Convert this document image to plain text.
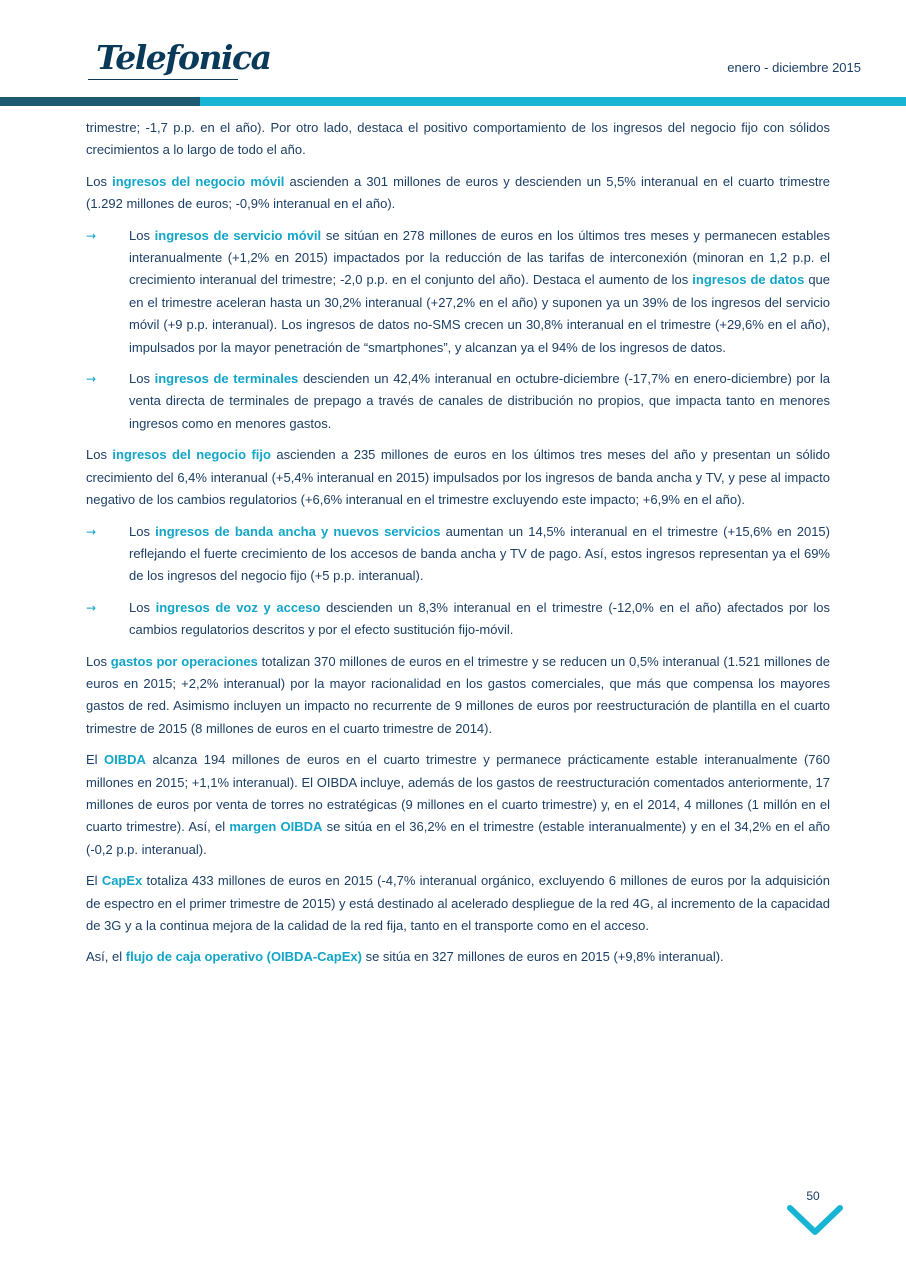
Telefonica	enero - diciembre 2015

trimestre; -1,7 p.p. en el año). Por otro lado, destaca el positivo comportamiento de los ingresos del negocio fijo con sólidos crecimientos a lo largo de todo el año.

Los ingresos del negocio móvil ascienden a 301 millones de euros y descienden un 5,5% interanual en el cuarto trimestre (1.292 millones de euros; -0,9% interanual en el año).

→	Los ingresos de servicio móvil se sitúan en 278 millones de euros en los últimos tres meses y permanecen estables interanualmente (+1,2% en 2015) impactados por la reducción de las tarifas de interconexión (minoran en 1,2 p.p. el crecimiento interanual del trimestre; -2,0 p.p. en el conjunto del año). Destaca el aumento de los ingresos de datos que en el trimestre aceleran hasta un 30,2% interanual (+27,2% en el año) y suponen ya un 39% de los ingresos del servicio móvil (+9 p.p. interanual). Los ingresos de datos no-SMS crecen un 30,8% interanual en el trimestre (+29,6% en el año), impulsados por la mayor penetración de “smartphones”, y alcanzan ya el 94% de los ingresos de datos.
→	Los ingresos de terminales descienden un 42,4% interanual en octubre-diciembre (-17,7% en enero-diciembre) por la venta directa de terminales de prepago a través de canales de distribución no propios, que impacta tanto en menores ingresos como en menores gastos.

Los ingresos del negocio fijo ascienden a 235 millones de euros en los últimos tres meses del año y presentan un sólido crecimiento del 6,4% interanual (+5,4% interanual en 2015) impulsados por los ingresos de banda ancha y TV, y pese al impacto negativo de los cambios regulatorios (+6,6% interanual en el trimestre excluyendo este impacto; +6,9% en el año).

→	Los ingresos de banda ancha y nuevos servicios aumentan un 14,5% interanual en el trimestre (+15,6% en 2015) reflejando el fuerte crecimiento de los accesos de banda ancha y TV de pago. Así, estos ingresos representan ya el 69% de los ingresos del negocio fijo (+5 p.p. interanual).
→	Los ingresos de voz y acceso descienden un 8,3% interanual en el trimestre (-12,0% en el año) afectados por los cambios regulatorios descritos y por el efecto sustitución fijo-móvil.

Los gastos por operaciones totalizan 370 millones de euros en el trimestre y se reducen un 0,5% interanual (1.521 millones de euros en 2015; +2,2% interanual) por la mayor racionalidad en los gastos comerciales, que más que compensa los mayores gastos de red. Asimismo incluyen un impacto no recurrente de 9 millones de euros por reestructuración de plantilla en el cuarto trimestre de 2015 (8 millones de euros en el cuarto trimestre de 2014).

El OIBDA alcanza 194 millones de euros en el cuarto trimestre y permanece prácticamente estable interanualmente (760 millones en 2015; +1,1% interanual). El OIBDA incluye, además de los gastos de reestructuración comentados anteriormente, 17 millones de euros por venta de torres no estratégicas (9 millones en el cuarto trimestre) y, en el 2014, 4 millones (1 millón en el cuarto trimestre). Así, el margen OIBDA se sitúa en el 36,2% en el trimestre (estable interanualmente) y en el 34,2% en el año (-0,2 p.p. interanual).

El CapEx totaliza 433 millones de euros en 2015 (-4,7% interanual orgánico, excluyendo 6 millones de euros por la adquisición de espectro en el primer trimestre de 2015) y está destinado al acelerado despliegue de la red 4G, al incremento de la capacidad de 3G y a la continua mejora de la calidad de la red fija, tanto en el transporte como en el acceso.

Así, el flujo de caja operativo (OIBDA-CapEx) se sitúa en 327 millones de euros en 2015 (+9,8% interanual).

50
